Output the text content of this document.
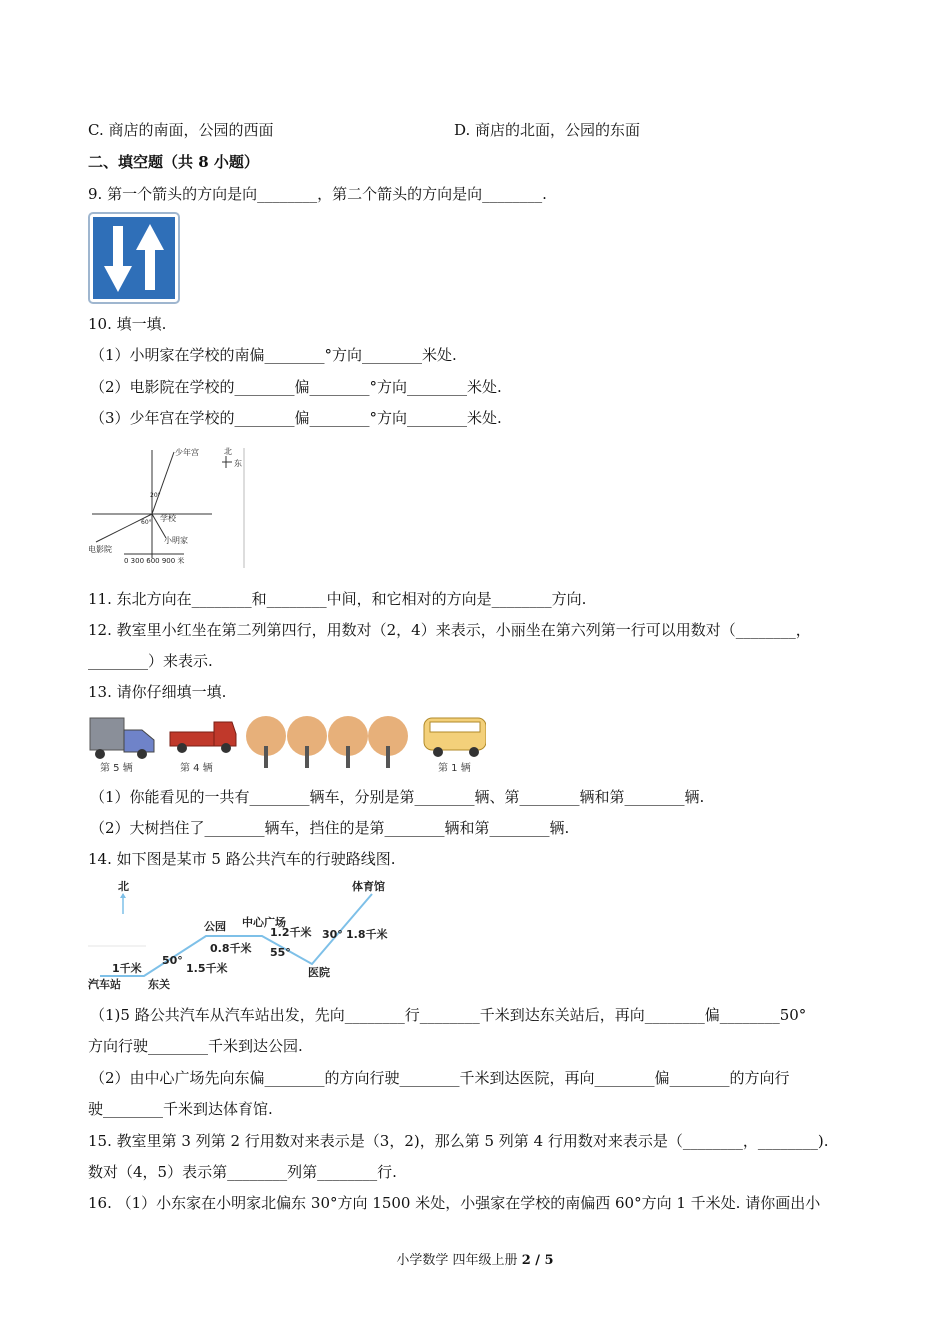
C. 商店的南面，公园的西面	D. 商店的北面，公园的东面
二、填空题（共 8 小题）
9. 第一个箭头的方向是向________，第二个箭头的方向是向________.
10. 填一填.
（1）小明家在学校的南偏________°方向________米处.
（2）电影院在学校的________偏________°方向________米处.
（3）少年宫在学校的________偏________°方向________米处.
少年宫	北
东
20°
60° 学校
小明家
电影院
0 300 600 900 米
11. 东北方向在________和________中间，和它相对的方向是________方向.
12. 教室里小红坐在第二列第四行，用数对（2，4）来表示，小丽坐在第六列第一行可以用数对（________，
________）来表示.
13. 请你仔细填一填.
第 5 辆	第 4 辆	第 1 辆
（1）你能看见的一共有________辆车，分别是第________辆、第________辆和第________辆.
（2）大树挡住了________辆车，挡住的是第________辆和第________辆.
14. 如下图是某市 5 路公共汽车的行驶路线图.
北	体育馆
中心广场
公园	1.2千米 30° 1.8千米
50°
0.8千米 55°
1千米	1.5千米	医院
汽车站 东关
（1)5 路公共汽车从汽车站出发，先向________行________千米到达东关站后，再向________偏________50°
方向行驶________千米到达公园.
（2）由中心广场先向东偏________的方向行驶________千米到达医院，再向________偏________的方向行
驶________千米到达体育馆.
15. 教室里第 3 列第 2 行用数对来表示是（3，2)，那么第 5 列第 4 行用数对来表示是（________，________).
数对（4，5）表示第________列第________行.
16. （1）小东家在小明家北偏东 30°方向 1500 米处，小强家在学校的南偏西 60°方向 1 千米处. 请你画出小
小学数学 四年级上册 2 / 5
